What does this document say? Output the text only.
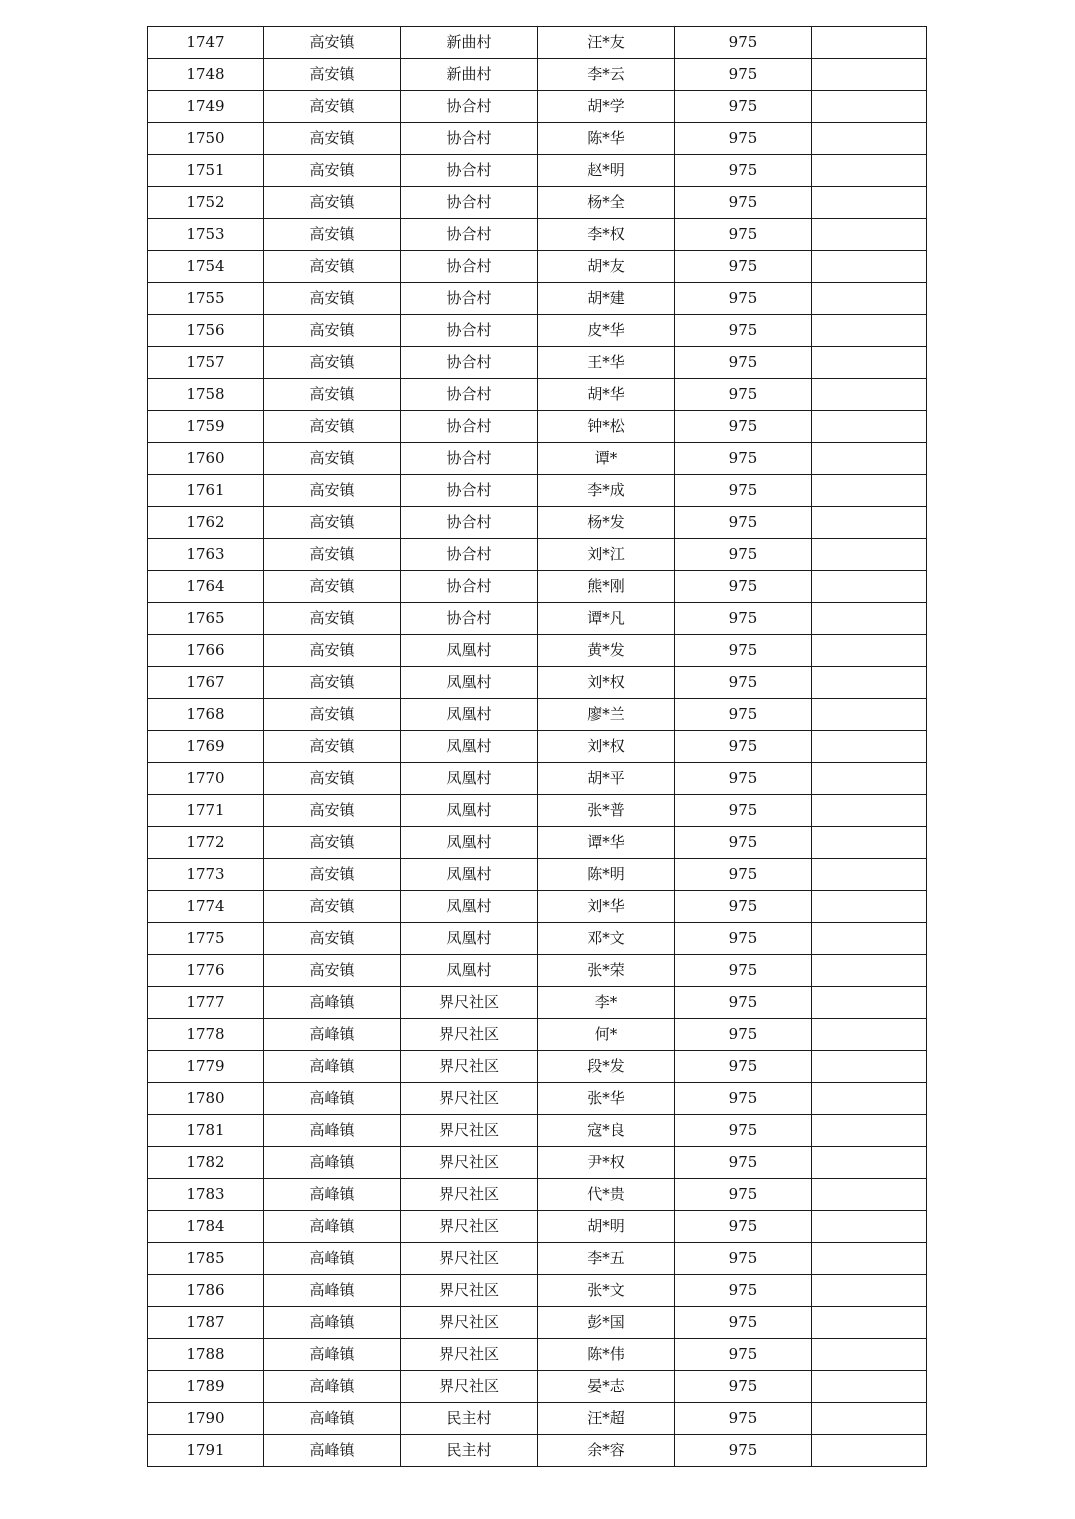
1747	高安镇	新曲村	汪*友	975	
1748	高安镇	新曲村	李*云	975	
1749	高安镇	协合村	胡*学	975	
1750	高安镇	协合村	陈*华	975	
1751	高安镇	协合村	赵*明	975	
1752	高安镇	协合村	杨*全	975	
1753	高安镇	协合村	李*权	975	
1754	高安镇	协合村	胡*友	975	
1755	高安镇	协合村	胡*建	975	
1756	高安镇	协合村	皮*华	975	
1757	高安镇	协合村	王*华	975	
1758	高安镇	协合村	胡*华	975	
1759	高安镇	协合村	钟*松	975	
1760	高安镇	协合村	谭*	975	
1761	高安镇	协合村	李*成	975	
1762	高安镇	协合村	杨*发	975	
1763	高安镇	协合村	刘*江	975	
1764	高安镇	协合村	熊*刚	975	
1765	高安镇	协合村	谭*凡	975	
1766	高安镇	凤凰村	黄*发	975	
1767	高安镇	凤凰村	刘*权	975	
1768	高安镇	凤凰村	廖*兰	975	
1769	高安镇	凤凰村	刘*权	975	
1770	高安镇	凤凰村	胡*平	975	
1771	高安镇	凤凰村	张*普	975	
1772	高安镇	凤凰村	谭*华	975	
1773	高安镇	凤凰村	陈*明	975	
1774	高安镇	凤凰村	刘*华	975	
1775	高安镇	凤凰村	邓*文	975	
1776	高安镇	凤凰村	张*荣	975	
1777	高峰镇	界尺社区	李*	975	
1778	高峰镇	界尺社区	何*	975	
1779	高峰镇	界尺社区	段*发	975	
1780	高峰镇	界尺社区	张*华	975	
1781	高峰镇	界尺社区	寇*良	975	
1782	高峰镇	界尺社区	尹*权	975	
1783	高峰镇	界尺社区	代*贵	975	
1784	高峰镇	界尺社区	胡*明	975	
1785	高峰镇	界尺社区	李*五	975	
1786	高峰镇	界尺社区	张*文	975	
1787	高峰镇	界尺社区	彭*国	975	
1788	高峰镇	界尺社区	陈*伟	975	
1789	高峰镇	界尺社区	晏*志	975	
1790	高峰镇	民主村	汪*超	975	
1791	高峰镇	民主村	余*容	975	
